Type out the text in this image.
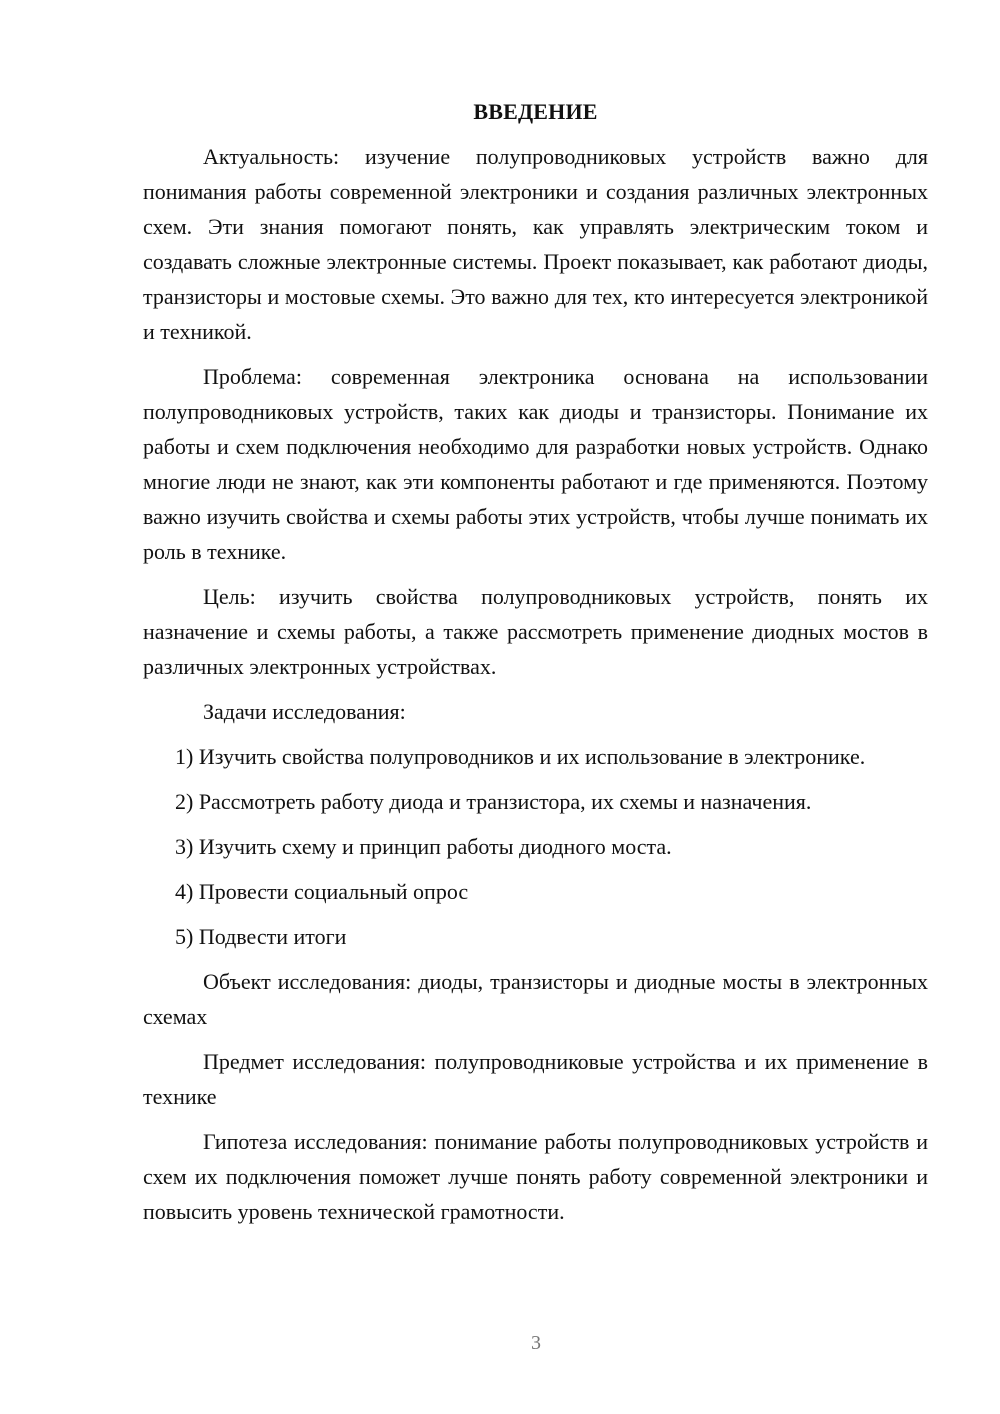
ВВЕДЕНИЕ

Актуальность: изучение полупроводниковых устройств важно для понимания работы современной электроники и создания различных электронных схем. Эти знания помогают понять, как управлять электрическим током и создавать сложные электронные системы. Проект показывает, как работают диоды, транзисторы и мостовые схемы. Это важно для тех, кто интересуется электроникой и техникой.

Проблема: современная электроника основана на использовании полупроводниковых устройств, таких как диоды и транзисторы. Понимание их работы и схем подключения необходимо для разработки новых устройств. Однако многие люди не знают, как эти компоненты работают и где применяются. Поэтому важно изучить свойства и схемы работы этих устройств, чтобы лучше понимать их роль в технике.

Цель: изучить свойства полупроводниковых устройств, понять их назначение и схемы работы, а также рассмотреть применение диодных мостов в различных электронных устройствах.

Задачи исследования:

1) Изучить свойства полупроводников и их использование в электронике.

2) Рассмотреть работу диода и транзистора, их схемы и назначения.

3) Изучить схему и принцип работы диодного моста.

4) Провести социальный опрос

5) Подвести итоги

Объект исследования: диоды, транзисторы и диодные мосты в электронных схемах

Предмет исследования: полупроводниковые устройства и их применение в технике

Гипотеза исследования: понимание работы полупроводниковых устройств и схем их подключения поможет лучше понять работу современной электроники и повысить уровень технической грамотности.

3
